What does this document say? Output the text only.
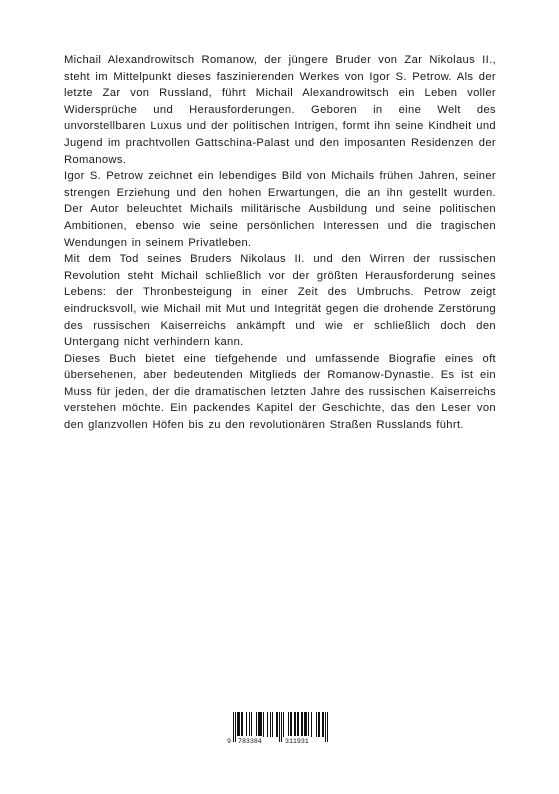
Michail Alexandrowitsch Romanow, der jüngere Bruder von Zar Nikolaus II., steht im Mittelpunkt dieses faszinierenden Werkes von Igor S. Petrow. Als der letzte Zar von Russland, führt Michail Alexandrowitsch ein Leben voller Widersprüche und Herausforderungen. Geboren in eine Welt des unvorstellbaren Luxus und der politischen Intrigen, formt ihn seine Kindheit und Jugend im prachtvollen Gattschina-Palast und den imposanten Residenzen der Romanows.

Igor S. Petrow zeichnet ein lebendiges Bild von Michails frühen Jahren, seiner strengen Erziehung und den hohen Erwartungen, die an ihn gestellt wurden. Der Autor beleuchtet Michails militärische Ausbildung und seine politischen Ambitionen, ebenso wie seine persönlichen Interessen und die tragischen Wendungen in seinem Privatleben.

Mit dem Tod seines Bruders Nikolaus II. und den Wirren der russischen Revolution steht Michail schließlich vor der größten Herausforderung seines Lebens: der Thronbesteigung in einer Zeit des Umbruchs. Petrow zeigt eindrucksvoll, wie Michail mit Mut und Integrität gegen die drohende Zerstörung des russischen Kaiserreichs ankämpft und wie er schließlich doch den Untergang nicht verhindern kann.

Dieses Buch bietet eine tiefgehende und umfassende Biografie eines oft übersehenen, aber bedeutenden Mitglieds der Romanow-Dynastie. Es ist ein Muss für jeden, der die dramatischen letzten Jahre des russischen Kaiserreichs verstehen möchte. Ein packendes Kapitel der Geschichte, das den Leser von den glanzvollen Höfen bis zu den revolutionären Straßen Russlands führt.

9 783384	311931
